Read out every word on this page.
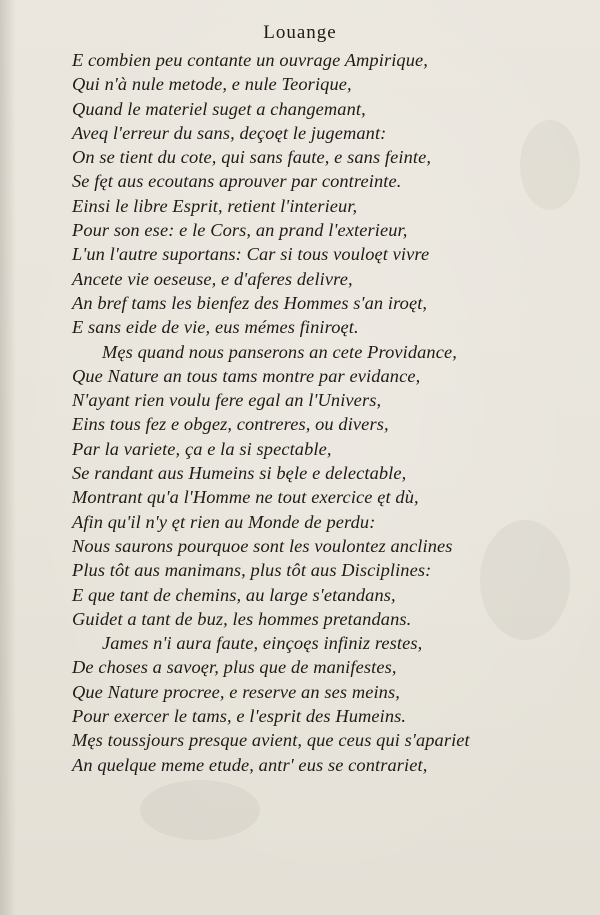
Louange
E combien peu contante un ouvrage Ampirique,
Qui n'à nule metode, e nule Teorique,
Quand le materiel suget a changemant,
Aveq l'erreur du sans, deçoęt le jugemant:
On se tient du cote, qui sans faute, e sans feinte,
Se fęt aus ecoutans aprouver par contreinte.
Einsi le libre Esprit, retient l'interieur,
Pour son ese: e le Cors, an prand l'exterieur,
L'un l'autre suportans: Car si tous vouloęt vivre
Ancete vie oeseuse, e d'aferes delivre,
An bref tams les bienfez des Hommes s'an iroęt,
E sans eide de vie, eus mémes finiroęt.
Męs quand nous panserons an cete Providance,
Que Nature an tous tams montre par evidance,
N'ayant rien voulu fere egal an l'Univers,
Eins tous fez e obgez, contreres, ou divers,
Par la variete, ça e la si spectable,
Se randant aus Humeins si bęle e delectable,
Montrant qu'a l'Homme ne tout exercice ęt dù,
Afin qu'il n'y ęt rien au Monde de perdu:
Nous saurons pourquoe sont les voulontez anclines
Plus tôt aus manimans, plus tôt aus Disciplines:
E que tant de chemins, au large s'etandans,
Guidet a tant de buz, les hommes pretandans.
James n'i aura faute, einçoęs infiniz restes,
De choses a savoęr, plus que de manifestes,
Que Nature procree, e reserve an ses meins,
Pour exercer le tams, e l'esprit des Humeins.
Męs toussjours presque avient, que ceus qui s'apariet
An quelque meme etude, antr' eus se contrariet,
